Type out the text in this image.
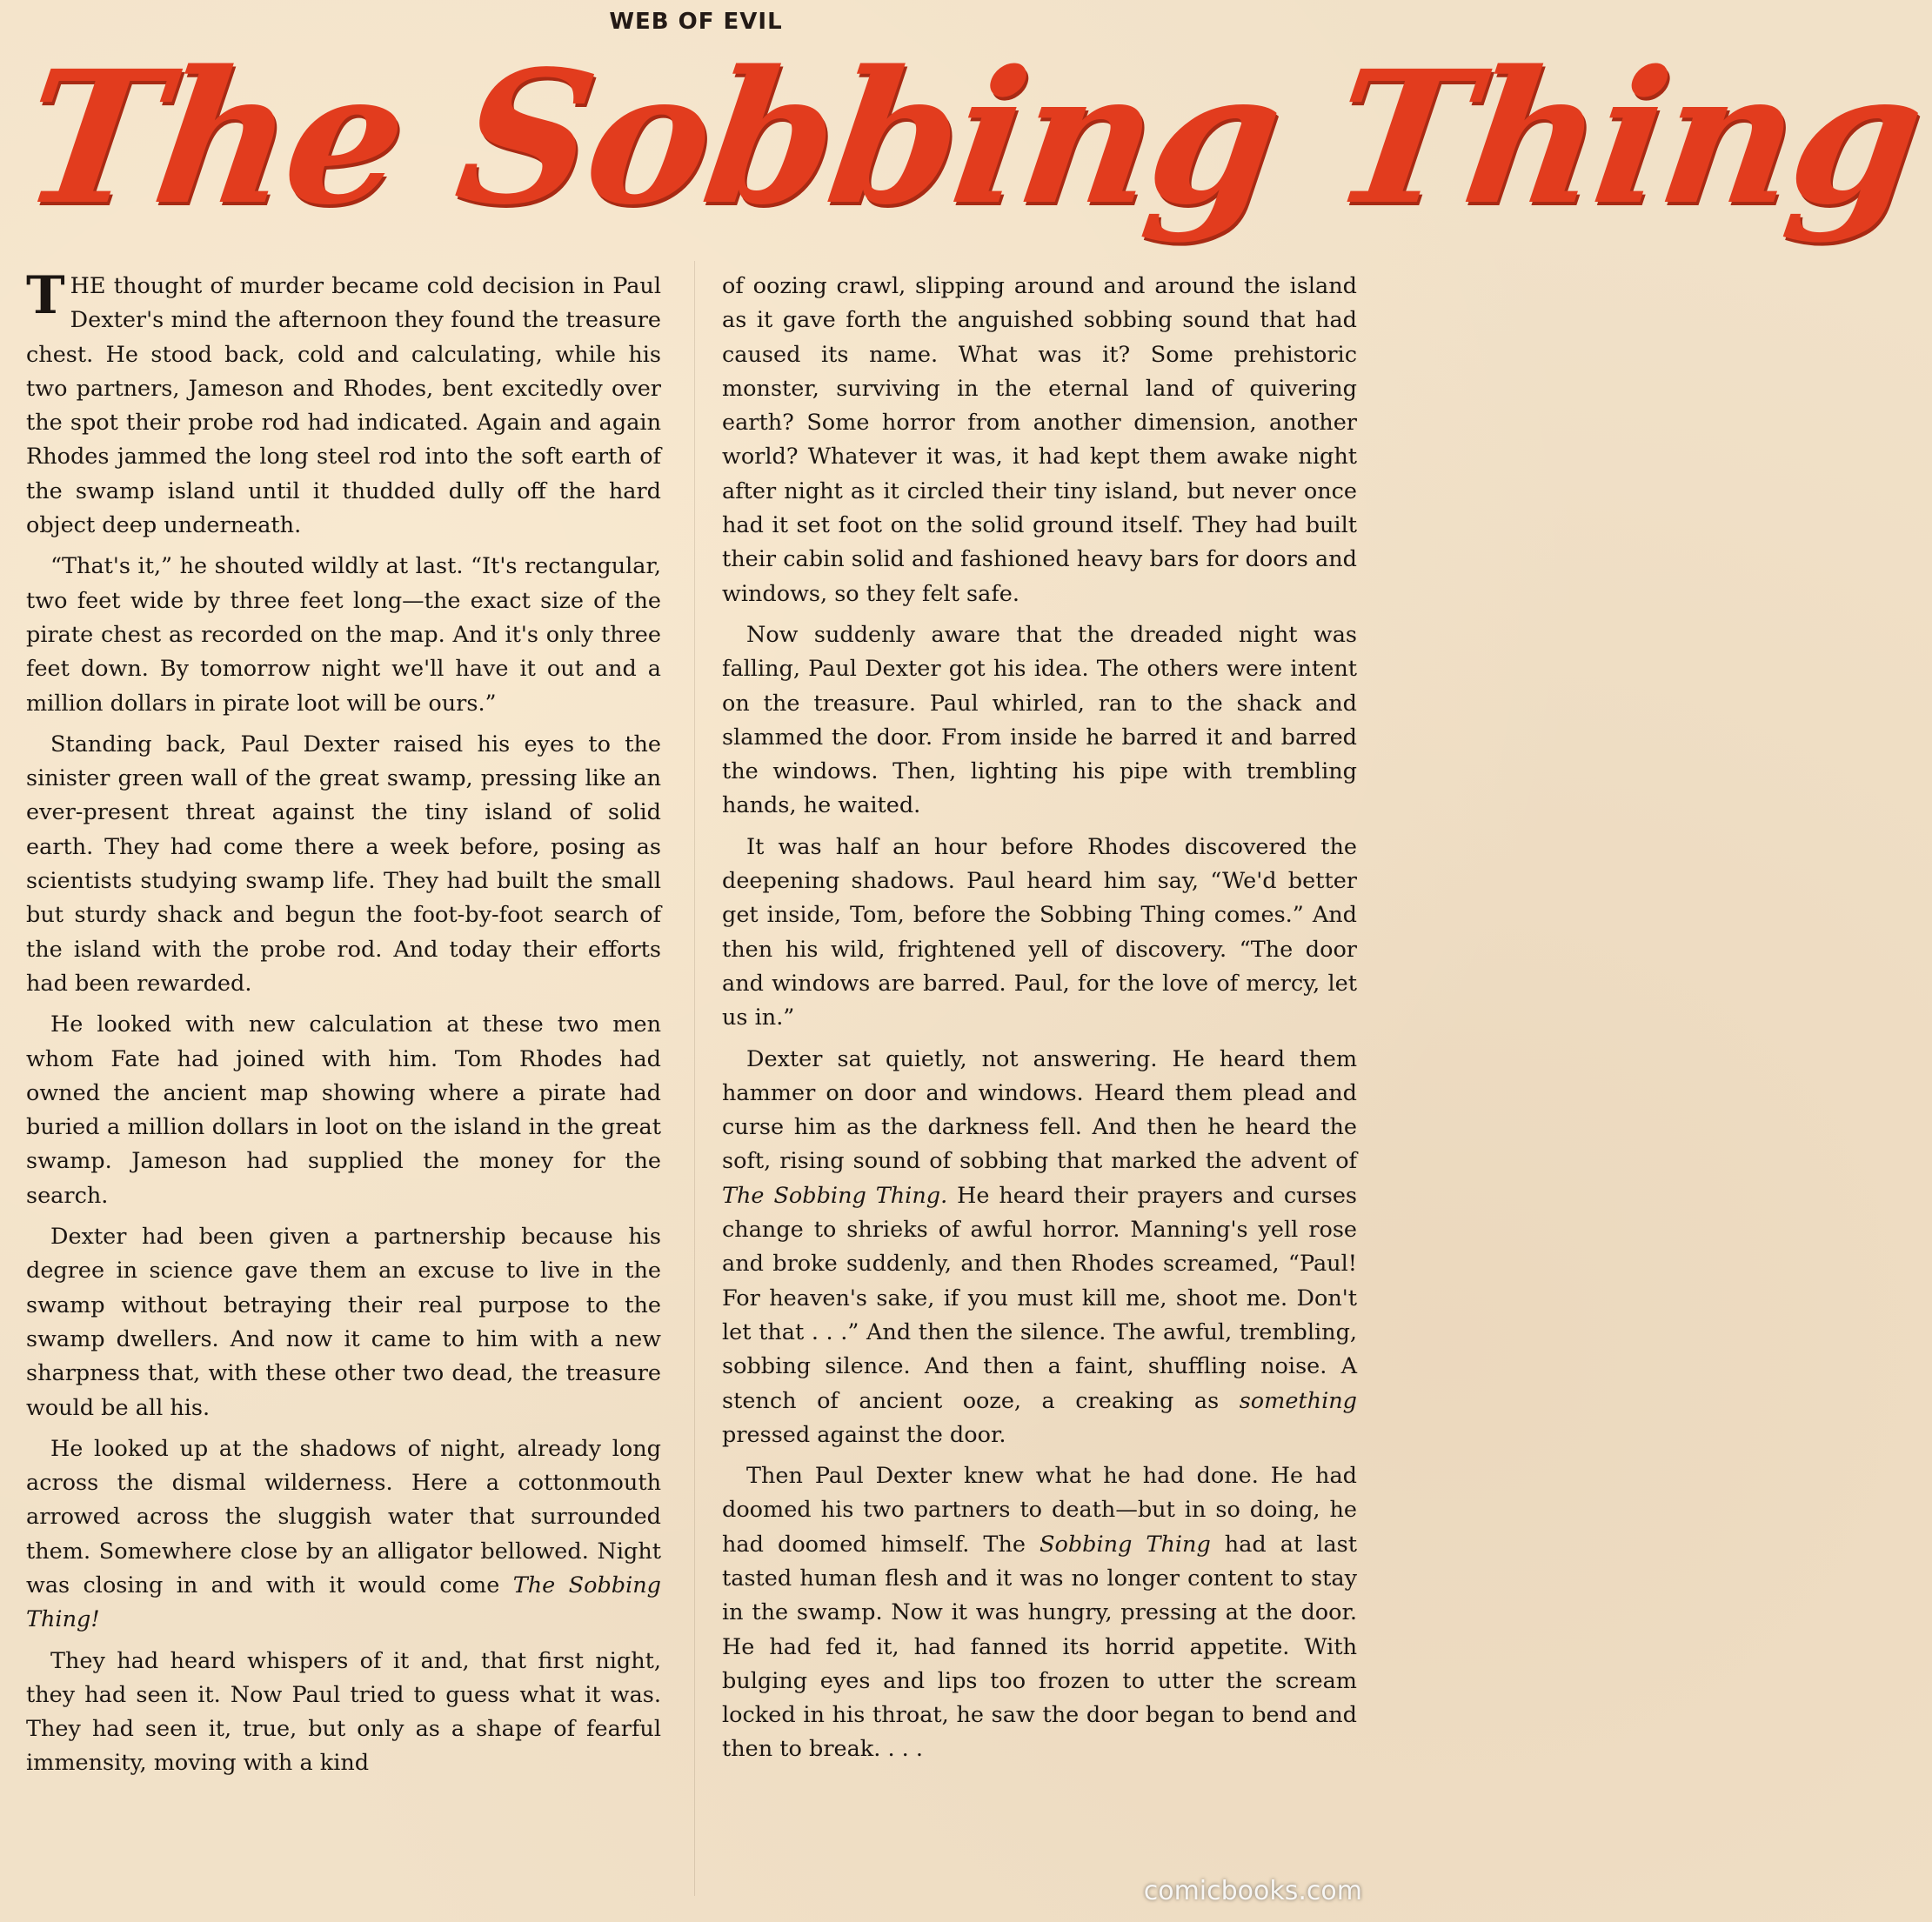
WEB OF EVIL
The Sobbing Thing

THE thought of murder became cold decision in Paul Dexter's mind the afternoon they found the treasure chest. He stood back, cold and calculating, while his two partners, Jameson and Rhodes, bent excitedly over the spot their probe rod had indicated. Again and again Rhodes jammed the long steel rod into the soft earth of the swamp island until it thudded dully off the hard object deep underneath.

“That's it,” he shouted wildly at last. “It's rectangular, two feet wide by three feet long—the exact size of the pirate chest as recorded on the map. And it's only three feet down. By tomorrow night we'll have it out and a million dollars in pirate loot will be ours.”

Standing back, Paul Dexter raised his eyes to the sinister green wall of the great swamp, pressing like an ever-present threat against the tiny island of solid earth. They had come there a week before, posing as scientists studying swamp life. They had built the small but sturdy shack and begun the foot-by-foot search of the island with the probe rod. And today their efforts had been rewarded.

He looked with new calculation at these two men whom Fate had joined with him. Tom Rhodes had owned the ancient map showing where a pirate had buried a million dollars in loot on the island in the great swamp. Jameson had supplied the money for the search.

Dexter had been given a partnership because his degree in science gave them an excuse to live in the swamp without betraying their real purpose to the swamp dwellers. And now it came to him with a new sharpness that, with these other two dead, the treasure would be all his.

He looked up at the shadows of night, already long across the dismal wilderness. Here a cottonmouth arrowed across the sluggish water that surrounded them. Somewhere close by an alligator bellowed. Night was closing in and with it would come The Sobbing Thing!

They had heard whispers of it and, that first night, they had seen it. Now Paul tried to guess what it was. They had seen it, true, but only as a shape of fearful immensity, moving with a kind

of oozing crawl, slipping around and around the island as it gave forth the anguished sobbing sound that had caused its name. What was it? Some prehistoric monster, surviving in the eternal land of quivering earth? Some horror from another dimension, another world? Whatever it was, it had kept them awake night after night as it circled their tiny island, but never once had it set foot on the solid ground itself. They had built their cabin solid and fashioned heavy bars for doors and windows, so they felt safe.

Now suddenly aware that the dreaded night was falling, Paul Dexter got his idea. The others were intent on the treasure. Paul whirled, ran to the shack and slammed the door. From inside he barred it and barred the windows. Then, lighting his pipe with trembling hands, he waited.

It was half an hour before Rhodes discovered the deepening shadows. Paul heard him say, “We'd better get inside, Tom, before the Sobbing Thing comes.” And then his wild, frightened yell of discovery. “The door and windows are barred. Paul, for the love of mercy, let us in.”

Dexter sat quietly, not answering. He heard them hammer on door and windows. Heard them plead and curse him as the darkness fell. And then he heard the soft, rising sound of sobbing that marked the advent of The Sobbing Thing. He heard their prayers and curses change to shrieks of awful horror. Manning's yell rose and broke suddenly, and then Rhodes screamed, “Paul! For heaven's sake, if you must kill me, shoot me. Don't let that . . .” And then the silence. The awful, trembling, sobbing silence. And then a faint, shuffling noise. A stench of ancient ooze, a creaking as something pressed against the door.

Then Paul Dexter knew what he had done. He had doomed his two partners to death—but in so doing, he had doomed himself. The Sobbing Thing had at last tasted human flesh and it was no longer content to stay in the swamp. Now it was hungry, pressing at the door. He had fed it, had fanned its horrid appetite. With bulging eyes and lips too frozen to utter the scream locked in his throat, he saw the door began to bend and then to break. . . .

comicbooks.com
